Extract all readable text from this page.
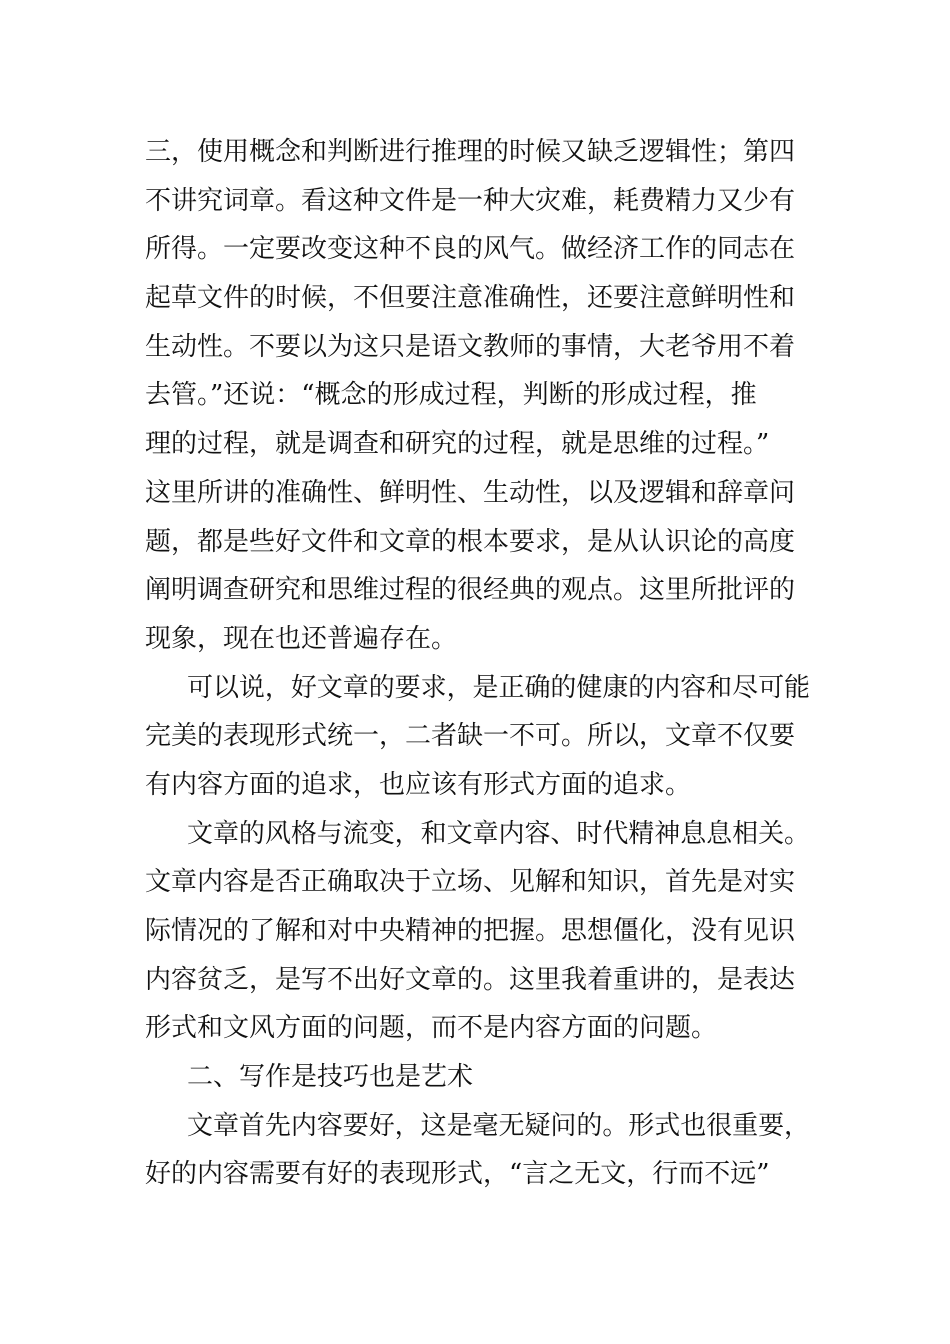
三，使用概念和判断进行推理的时候又缺乏逻辑性；第四
不讲究词章。看这种文件是一种大灾难，耗费精力又少有
所得。一定要改变这种不良的风气。做经济工作的同志在
起草文件的时候，不但要注意准确性，还要注意鲜明性和
生动性。不要以为这只是语文教师的事情，大老爷用不着
去管。”还说：“概念的形成过程，判断的形成过程，推
理的过程，就是调查和研究的过程，就是思维的过程。”
这里所讲的准确性、鲜明性、生动性，以及逻辑和辞章问
题，都是些好文件和文章的根本要求，是从认识论的高度
阐明调查研究和思维过程的很经典的观点。这里所批评的
现象，现在也还普遍存在。
可以说，好文章的要求，是正确的健康的内容和尽可能
完美的表现形式统一，二者缺一不可。所以，文章不仅要
有内容方面的追求，也应该有形式方面的追求。
文章的风格与流变，和文章内容、时代精神息息相关。
文章内容是否正确取决于立场、见解和知识，首先是对实
际情况的了解和对中央精神的把握。思想僵化，没有见识
内容贫乏，是写不出好文章的。这里我着重讲的，是表达
形式和文风方面的问题，而不是内容方面的问题。
二、写作是技巧也是艺术
文章首先内容要好，这是毫无疑问的。形式也很重要，
好的内容需要有好的表现形式，“言之无文，行而不远”
